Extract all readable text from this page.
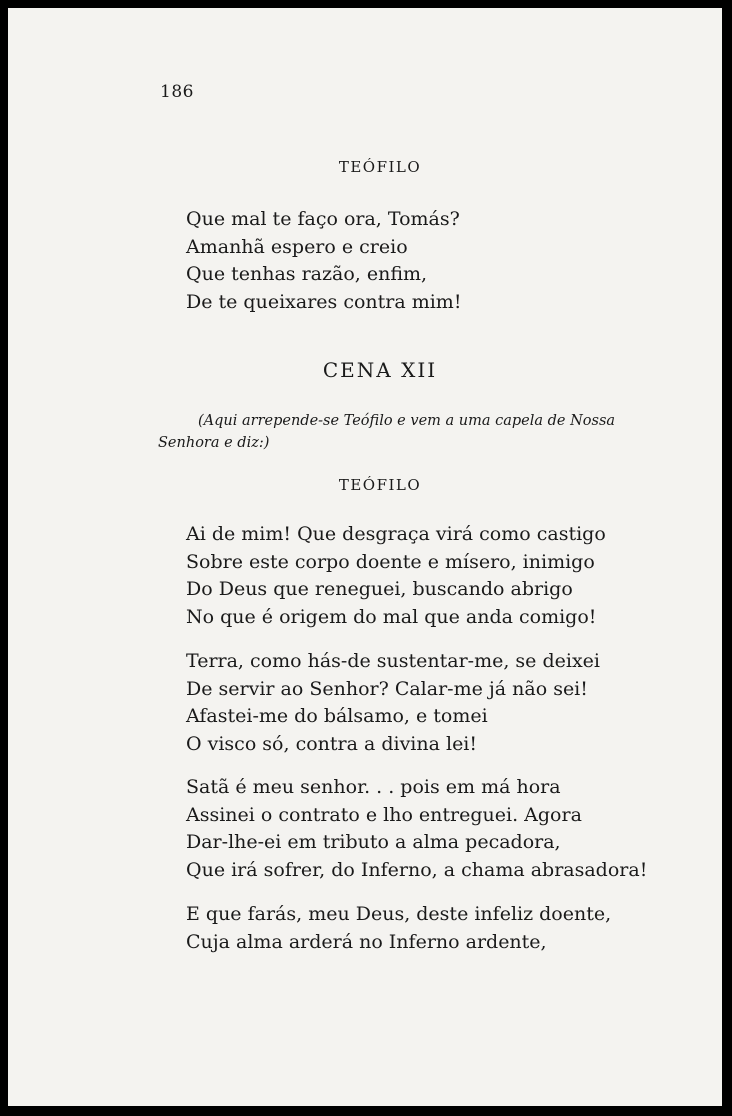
186
TEÓFILO
Que mal te faço ora, Tomás?
Amanhã espero e creio
Que tenhas razão, enfim,
De te queixares contra mim!
CENA XII
(Aqui arrepende-se Teófilo e vem a uma capela de Nossa Senhora e diz:)
TEÓFILO
Ai de mim! Que desgraça virá como castigo
Sobre este corpo doente e mísero, inimigo
Do Deus que reneguei, buscando abrigo
No que é origem do mal que anda comigo!
Terra, como hás-de sustentar-me, se deixei
De servir ao Senhor? Calar-me já não sei!
Afastei-me do bálsamo, e tomei
O visco só, contra a divina lei!
Satã é meu senhor. . . pois em má hora
Assinei o contrato e lho entreguei. Agora
Dar-lhe-ei em tributo a alma pecadora,
Que irá sofrer, do Inferno, a chama abrasadora!
E que farás, meu Deus, deste infeliz doente,
Cuja alma arderá no Inferno ardente,
